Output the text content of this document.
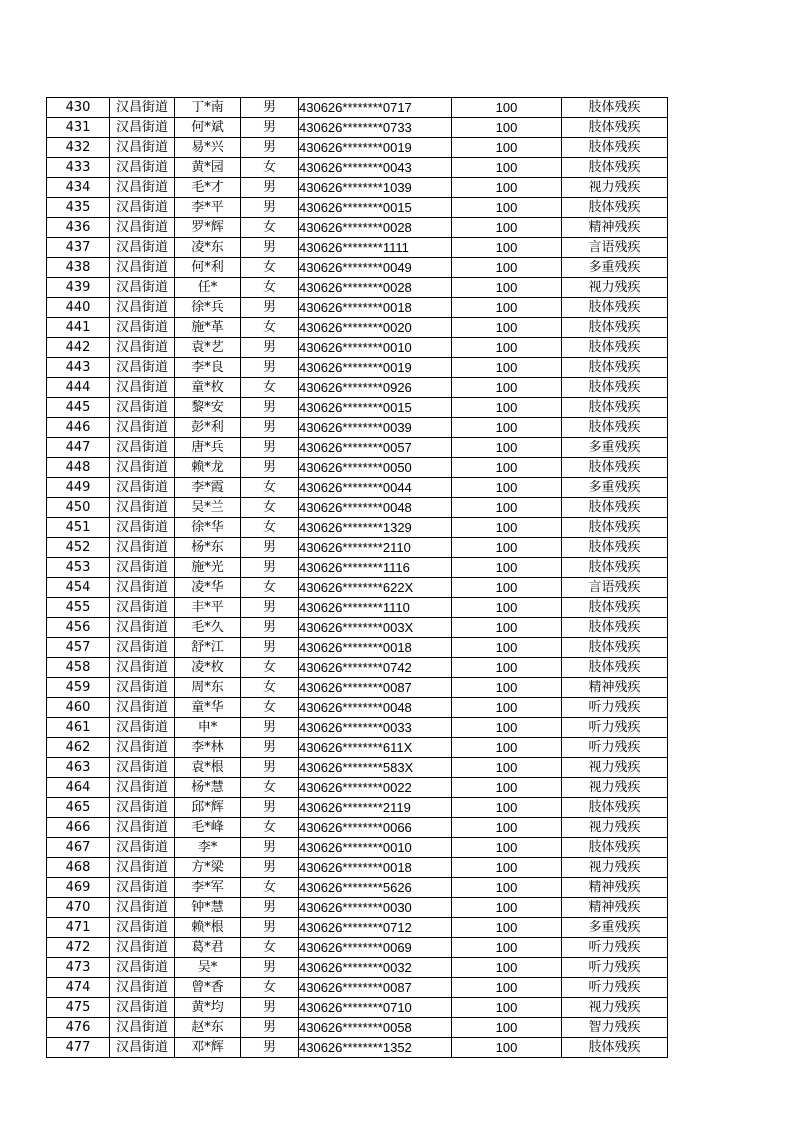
430	汉昌街道	丁*南	男	430626********0717	100	肢体残疾
431	汉昌街道	何*斌	男	430626********0733	100	肢体残疾
432	汉昌街道	易*兴	男	430626********0019	100	肢体残疾
433	汉昌街道	黄*园	女	430626********0043	100	肢体残疾
434	汉昌街道	毛*才	男	430626********1039	100	视力残疾
435	汉昌街道	李*平	男	430626********0015	100	肢体残疾
436	汉昌街道	罗*辉	女	430626********0028	100	精神残疾
437	汉昌街道	凌*东	男	430626********1111	100	言语残疾
438	汉昌街道	何*利	女	430626********0049	100	多重残疾
439	汉昌街道	任*	女	430626********0028	100	视力残疾
440	汉昌街道	徐*兵	男	430626********0018	100	肢体残疾
441	汉昌街道	施*革	女	430626********0020	100	肢体残疾
442	汉昌街道	袁*艺	男	430626********0010	100	肢体残疾
443	汉昌街道	李*良	男	430626********0019	100	肢体残疾
444	汉昌街道	童*枚	女	430626********0926	100	肢体残疾
445	汉昌街道	黎*安	男	430626********0015	100	肢体残疾
446	汉昌街道	彭*利	男	430626********0039	100	肢体残疾
447	汉昌街道	唐*兵	男	430626********0057	100	多重残疾
448	汉昌街道	赖*龙	男	430626********0050	100	肢体残疾
449	汉昌街道	李*霞	女	430626********0044	100	多重残疾
450	汉昌街道	吴*兰	女	430626********0048	100	肢体残疾
451	汉昌街道	徐*华	女	430626********1329	100	肢体残疾
452	汉昌街道	杨*东	男	430626********2110	100	肢体残疾
453	汉昌街道	施*光	男	430626********1116	100	肢体残疾
454	汉昌街道	凌*华	女	430626********622X	100	言语残疾
455	汉昌街道	丰*平	男	430626********1110	100	肢体残疾
456	汉昌街道	毛*久	男	430626********003X	100	肢体残疾
457	汉昌街道	舒*江	男	430626********0018	100	肢体残疾
458	汉昌街道	凌*枚	女	430626********0742	100	肢体残疾
459	汉昌街道	周*东	女	430626********0087	100	精神残疾
460	汉昌街道	童*华	女	430626********0048	100	听力残疾
461	汉昌街道	申*	男	430626********0033	100	听力残疾
462	汉昌街道	李*林	男	430626********611X	100	听力残疾
463	汉昌街道	袁*根	男	430626********583X	100	视力残疾
464	汉昌街道	杨*慧	女	430626********0022	100	视力残疾
465	汉昌街道	邱*辉	男	430626********2119	100	肢体残疾
466	汉昌街道	毛*峰	女	430626********0066	100	视力残疾
467	汉昌街道	李*	男	430626********0010	100	肢体残疾
468	汉昌街道	方*梁	男	430626********0018	100	视力残疾
469	汉昌街道	李*军	女	430626********5626	100	精神残疾
470	汉昌街道	钟*慧	男	430626********0030	100	精神残疾
471	汉昌街道	赖*根	男	430626********0712	100	多重残疾
472	汉昌街道	葛*君	女	430626********0069	100	听力残疾
473	汉昌街道	吴*	男	430626********0032	100	听力残疾
474	汉昌街道	曾*香	女	430626********0087	100	听力残疾
475	汉昌街道	黄*均	男	430626********0710	100	视力残疾
476	汉昌街道	赵*东	男	430626********0058	100	智力残疾
477	汉昌街道	邓*辉	男	430626********1352	100	肢体残疾
